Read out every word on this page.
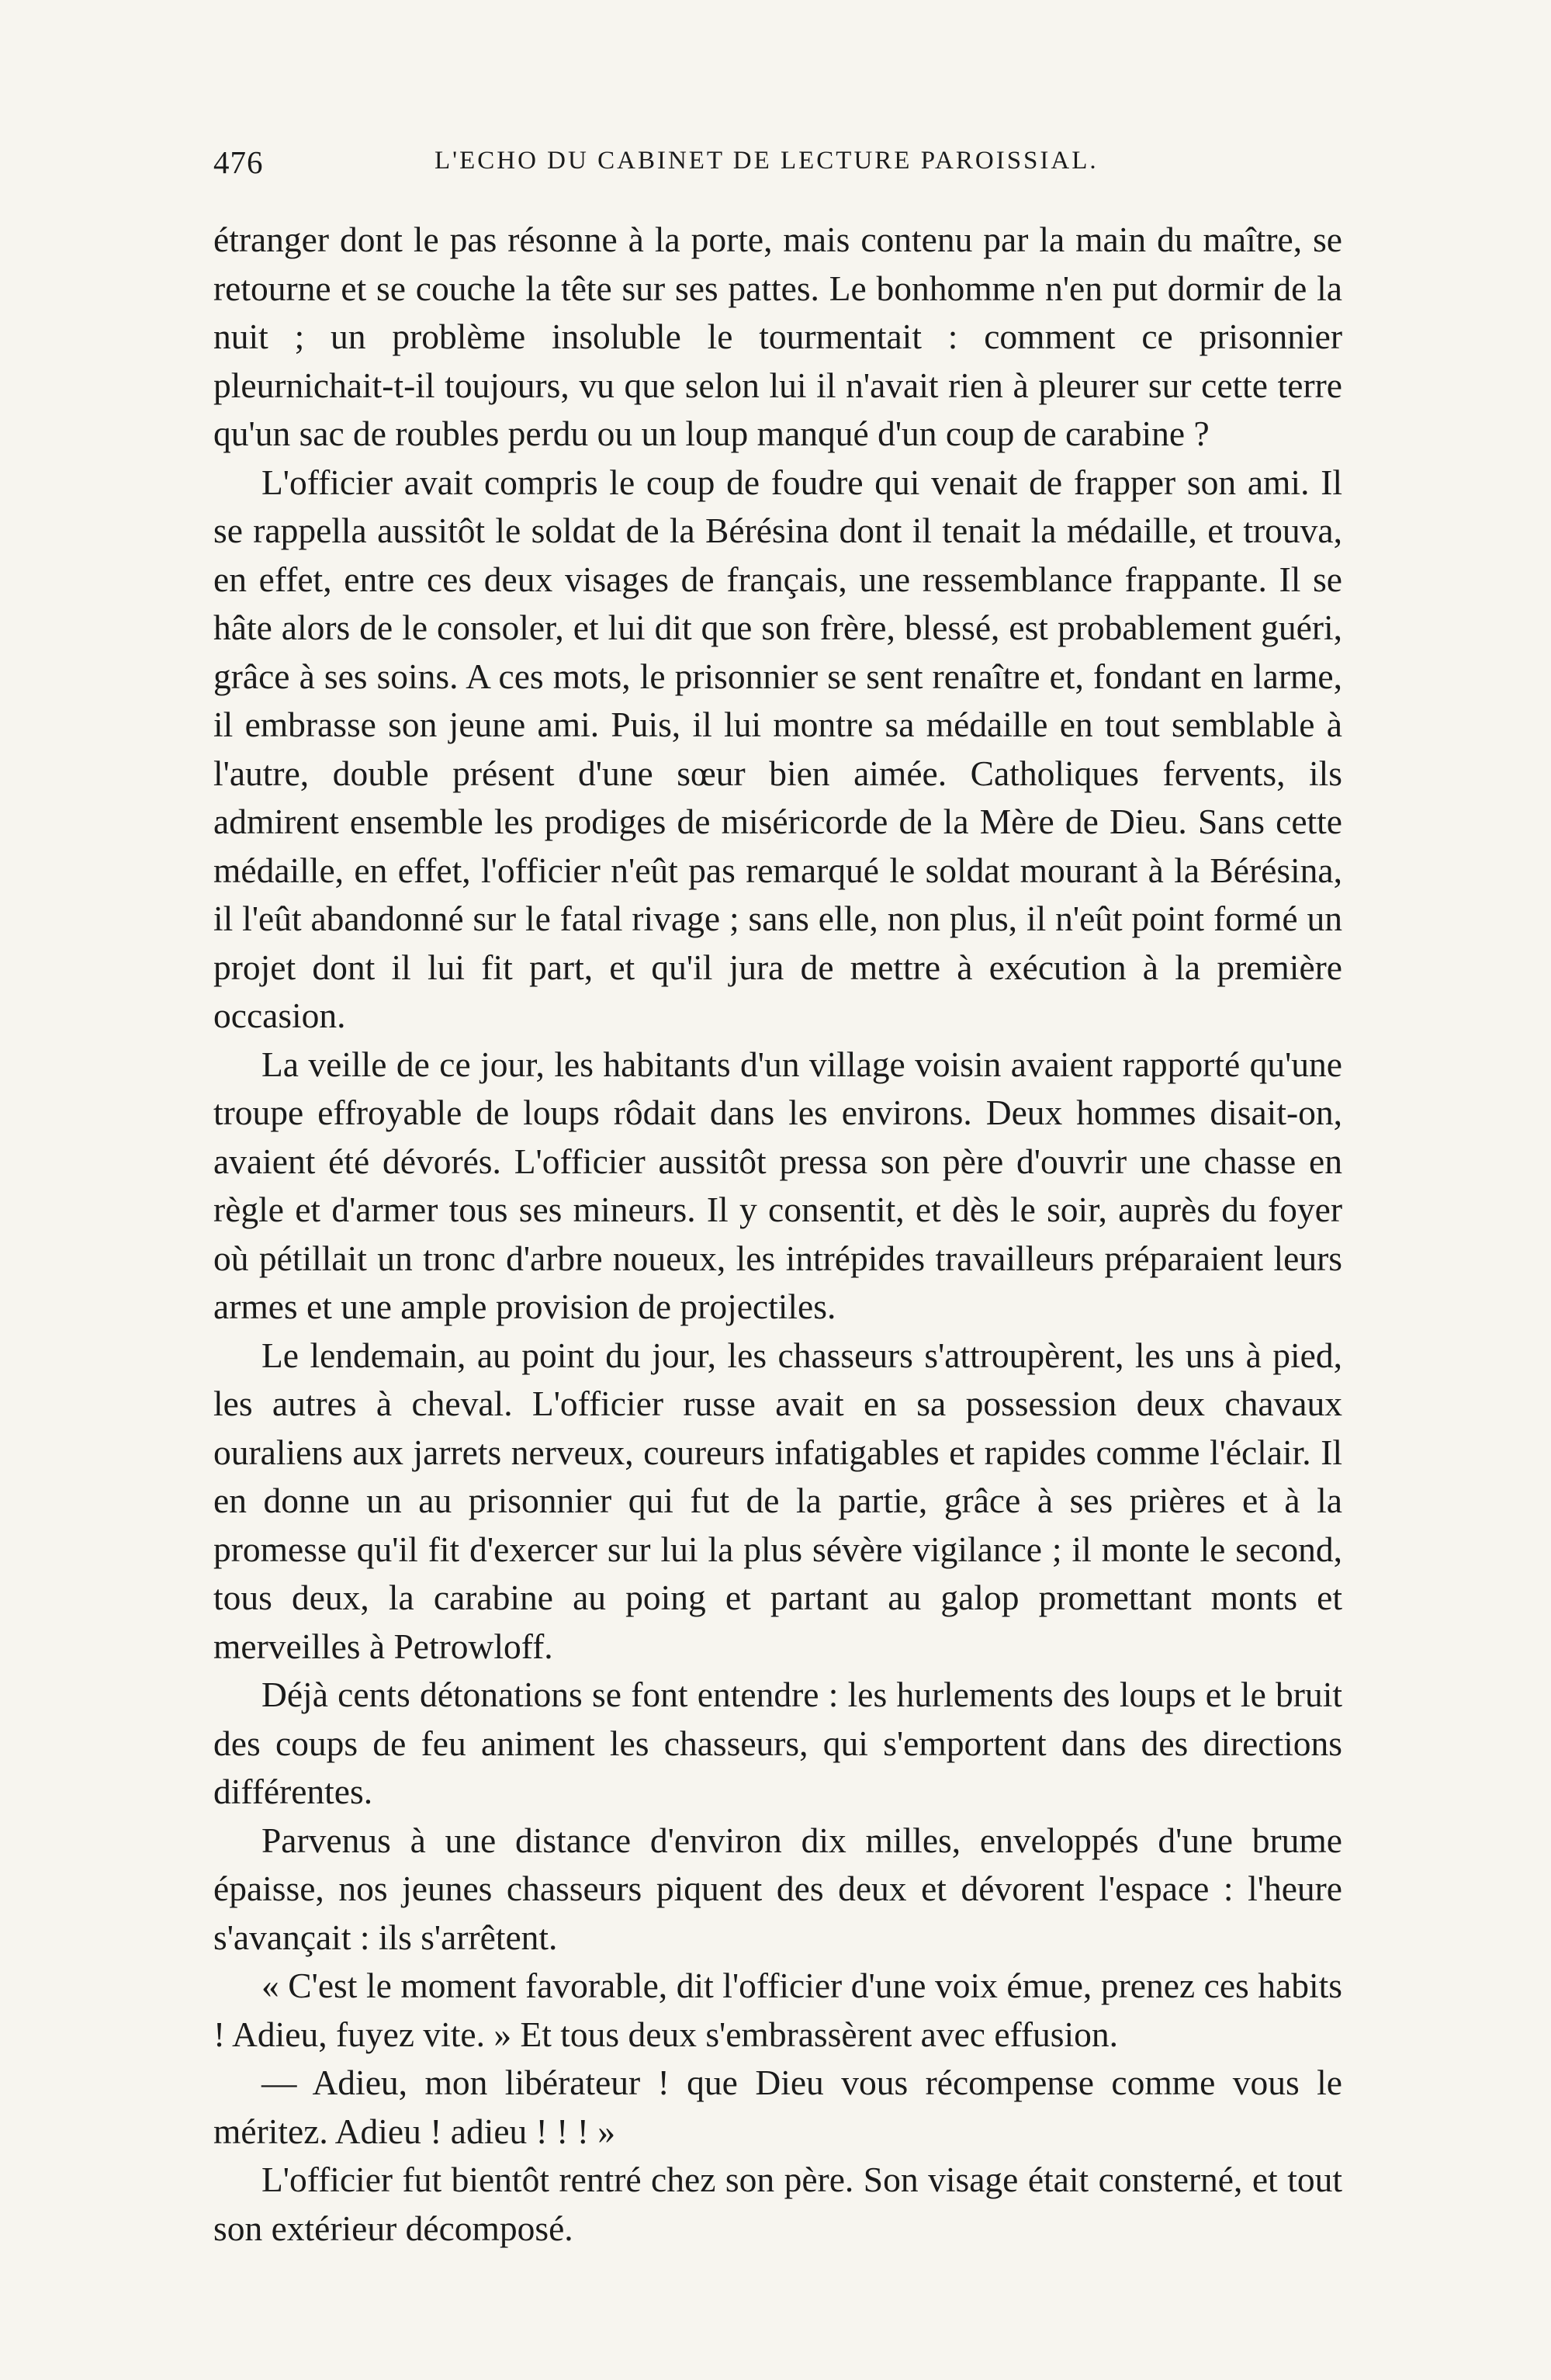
476	L'ECHO DU CABINET DE LECTURE PAROISSIAL.

étranger dont le pas résonne à la porte, mais contenu par la main du maître, se retourne et se couche la tête sur ses pattes. Le bonhomme n'en put dormir de la nuit ; un problème insoluble le tourmentait : comment ce prisonnier pleurnichait-t-il toujours, vu que selon lui il n'avait rien à pleurer sur cette terre qu'un sac de roubles perdu ou un loup manqué d'un coup de carabine ?

L'officier avait compris le coup de foudre qui venait de frapper son ami. Il se rappella aussitôt le soldat de la Bérésina dont il tenait la médaille, et trouva, en effet, entre ces deux visages de français, une ressemblance frappante. Il se hâte alors de le consoler, et lui dit que son frère, blessé, est probablement guéri, grâce à ses soins. A ces mots, le prisonnier se sent renaître et, fondant en larme, il embrasse son jeune ami. Puis, il lui montre sa médaille en tout semblable à l'autre, double présent d'une sœur bien aimée. Catholiques fervents, ils admirent ensemble les prodiges de miséricorde de la Mère de Dieu. Sans cette médaille, en effet, l'officier n'eût pas remarqué le soldat mourant à la Bérésina, il l'eût abandonné sur le fatal rivage ; sans elle, non plus, il n'eût point formé un projet dont il lui fit part, et qu'il jura de mettre à exécution à la première occasion.

La veille de ce jour, les habitants d'un village voisin avaient rapporté qu'une troupe effroyable de loups rôdait dans les environs. Deux hommes disait-on, avaient été dévorés. L'officier aussitôt pressa son père d'ouvrir une chasse en règle et d'armer tous ses mineurs. Il y consentit, et dès le soir, auprès du foyer où pétillait un tronc d'arbre noueux, les intrépides travailleurs préparaient leurs armes et une ample provision de projectiles.

Le lendemain, au point du jour, les chasseurs s'attroupèrent, les uns à pied, les autres à cheval. L'officier russe avait en sa possession deux chavaux ouraliens aux jarrets nerveux, coureurs infatigables et rapides comme l'éclair. Il en donne un au prisonnier qui fut de la partie, grâce à ses prières et à la promesse qu'il fit d'exercer sur lui la plus sévère vigilance ; il monte le second, tous deux, la carabine au poing et partant au galop promettant monts et merveilles à Petrowloff.

Déjà cents détonations se font entendre : les hurlements des loups et le bruit des coups de feu animent les chasseurs, qui s'emportent dans des directions différentes.

Parvenus à une distance d'environ dix milles, enveloppés d'une brume épaisse, nos jeunes chasseurs piquent des deux et dévorent l'espace : l'heure s'avançait : ils s'arrêtent.

« C'est le moment favorable, dit l'officier d'une voix émue, prenez ces habits ! Adieu, fuyez vite. » Et tous deux s'embrassèrent avec effusion.

— Adieu, mon libérateur ! que Dieu vous récompense comme vous le méritez. Adieu ! adieu ! ! ! »

L'officier fut bientôt rentré chez son père. Son visage était consterné, et tout son extérieur décomposé.
